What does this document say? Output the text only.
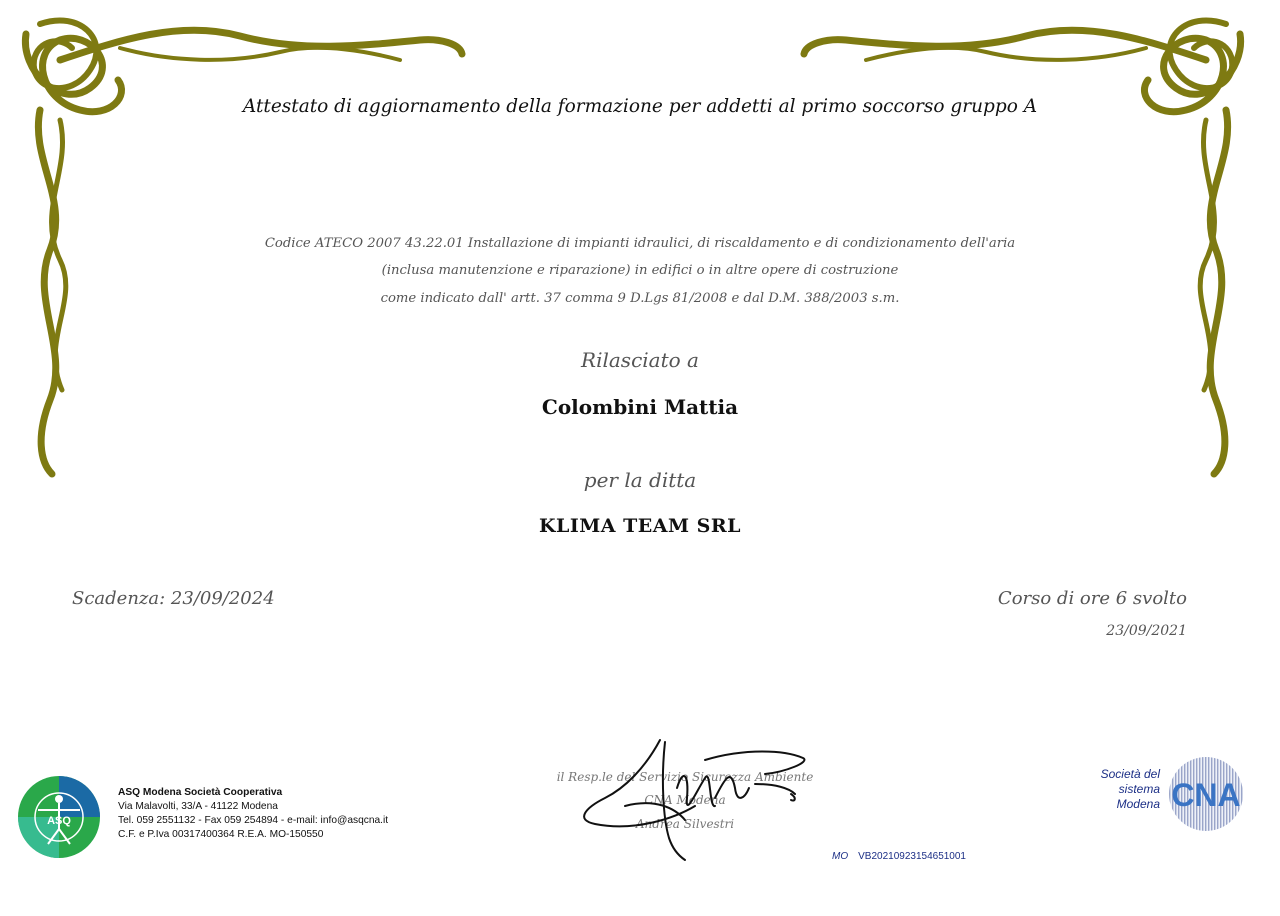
Attestato di aggiornamento della formazione per addetti al primo soccorso gruppo A
Codice ATECO 2007 43.22.01 Installazione di impianti idraulici, di riscaldamento e di condizionamento dell'aria
(inclusa manutenzione e riparazione) in edifici o in altre opere di costruzione
come indicato dall' artt. 37 comma 9 D.Lgs 81/2008 e dal D.M. 388/2003 s.m.
Rilasciato a
Colombini Mattia
per la ditta
KLIMA TEAM SRL
Scadenza: 23/09/2024	Corso di ore 6 svolto
23/09/2021
il Resp.le del Servizio Sicurezza Ambiente
CNA Modena
Andrea Silvestri
ASQ
ASQ Modena Società Cooperativa
Via Malavolti, 33/A - 41122 Modena
Tel. 059 2551132 - Fax 059 254894 - e-mail: info@asqcna.it
C.F. e P.Iva 00317400364 R.E.A. MO-150550
Società del
sistema
Modena CNA
MO VB20210923154651001
